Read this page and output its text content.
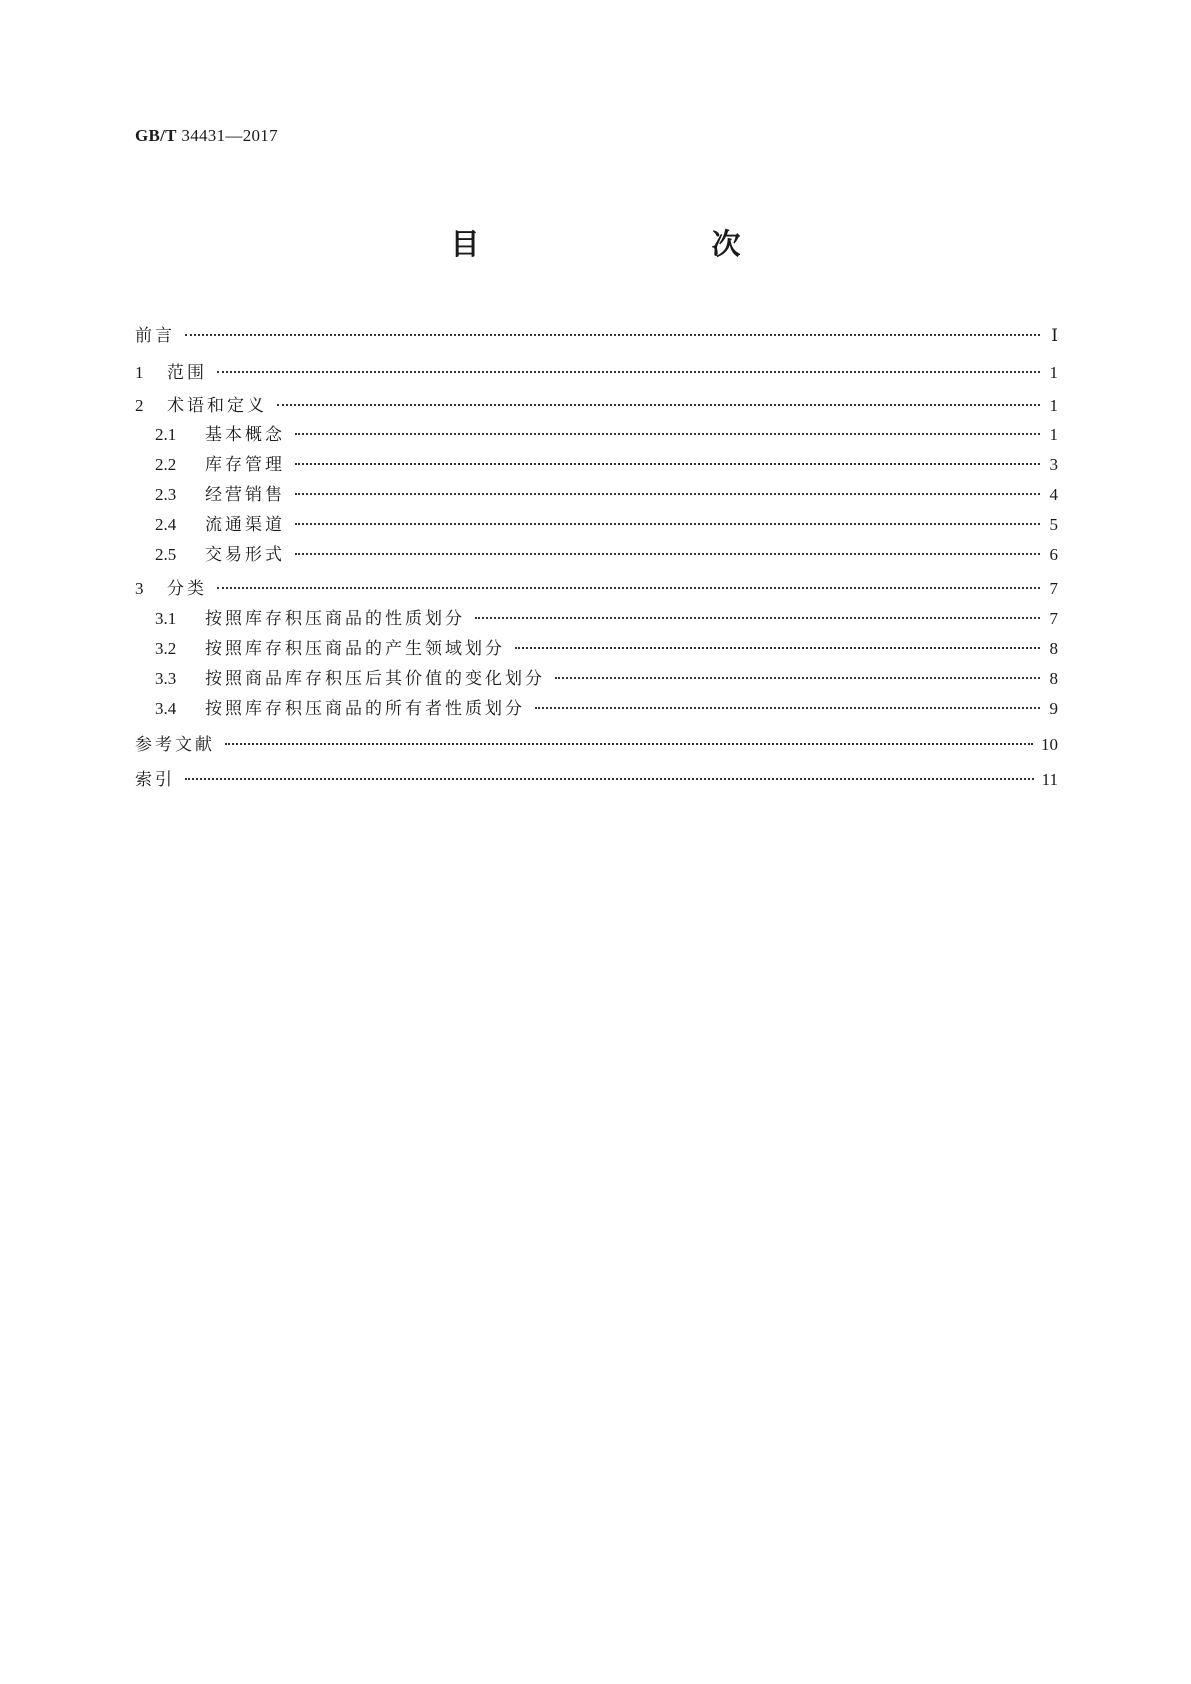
GB/T 34431—2017
目　　次
前言	Ⅰ
1	范围	1
2	术语和定义	1
2.1	基本概念	1
2.2	库存管理	3
2.3	经营销售	4
2.4	流通渠道	5
2.5	交易形式	6
3	分类	7
3.1	按照库存积压商品的性质划分	7
3.2	按照库存积压商品的产生领域划分	8
3.3	按照商品库存积压后其价值的变化划分	8
3.4	按照库存积压商品的所有者性质划分	9
参考文献	10
索引	11
